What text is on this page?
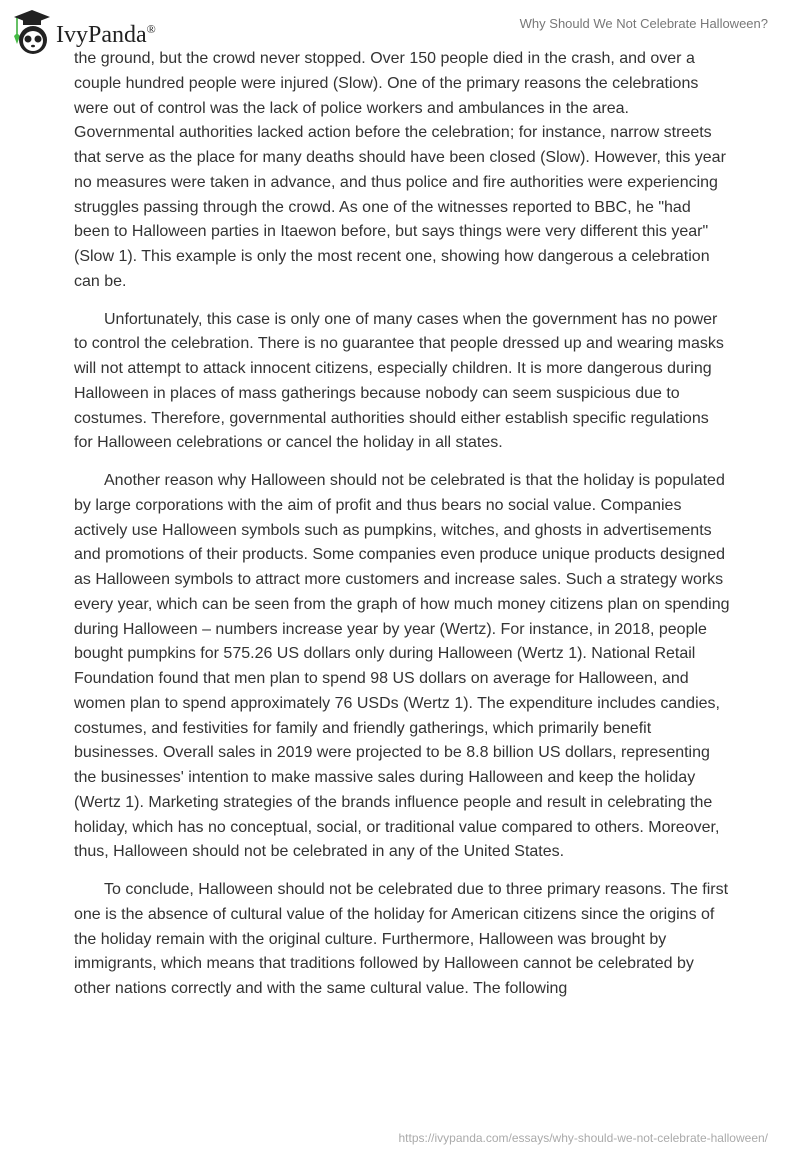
IvyPanda®	Why Should We Not Celebrate Halloween?

the ground, but the crowd never stopped. Over 150 people died in the crash, and over a couple hundred people were injured (Slow). One of the primary reasons the celebrations were out of control was the lack of police workers and ambulances in the area. Governmental authorities lacked action before the celebration; for instance, narrow streets that serve as the place for many deaths should have been closed (Slow). However, this year no measures were taken in advance, and thus police and fire authorities were experiencing struggles passing through the crowd. As one of the witnesses reported to BBC, he "had been to Halloween parties in Itaewon before, but says things were very different this year" (Slow 1). This example is only the most recent one, showing how dangerous a celebration can be.

Unfortunately, this case is only one of many cases when the government has no power to control the celebration. There is no guarantee that people dressed up and wearing masks will not attempt to attack innocent citizens, especially children. It is more dangerous during Halloween in places of mass gatherings because nobody can seem suspicious due to costumes. Therefore, governmental authorities should either establish specific regulations for Halloween celebrations or cancel the holiday in all states.

Another reason why Halloween should not be celebrated is that the holiday is populated by large corporations with the aim of profit and thus bears no social value. Companies actively use Halloween symbols such as pumpkins, witches, and ghosts in advertisements and promotions of their products. Some companies even produce unique products designed as Halloween symbols to attract more customers and increase sales. Such a strategy works every year, which can be seen from the graph of how much money citizens plan on spending during Halloween – numbers increase year by year (Wertz). For instance, in 2018, people bought pumpkins for 575.26 US dollars only during Halloween (Wertz 1). National Retail Foundation found that men plan to spend 98 US dollars on average for Halloween, and women plan to spend approximately 76 USDs (Wertz 1). The expenditure includes candies, costumes, and festivities for family and friendly gatherings, which primarily benefit businesses. Overall sales in 2019 were projected to be 8.8 billion US dollars, representing the businesses' intention to make massive sales during Halloween and keep the holiday (Wertz 1). Marketing strategies of the brands influence people and result in celebrating the holiday, which has no conceptual, social, or traditional value compared to others. Moreover, thus, Halloween should not be celebrated in any of the United States.

To conclude, Halloween should not be celebrated due to three primary reasons. The first one is the absence of cultural value of the holiday for American citizens since the origins of the holiday remain with the original culture. Furthermore, Halloween was brought by immigrants, which means that traditions followed by Halloween cannot be celebrated by other nations correctly and with the same cultural value. The following

https://ivypanda.com/essays/why-should-we-not-celebrate-halloween/
